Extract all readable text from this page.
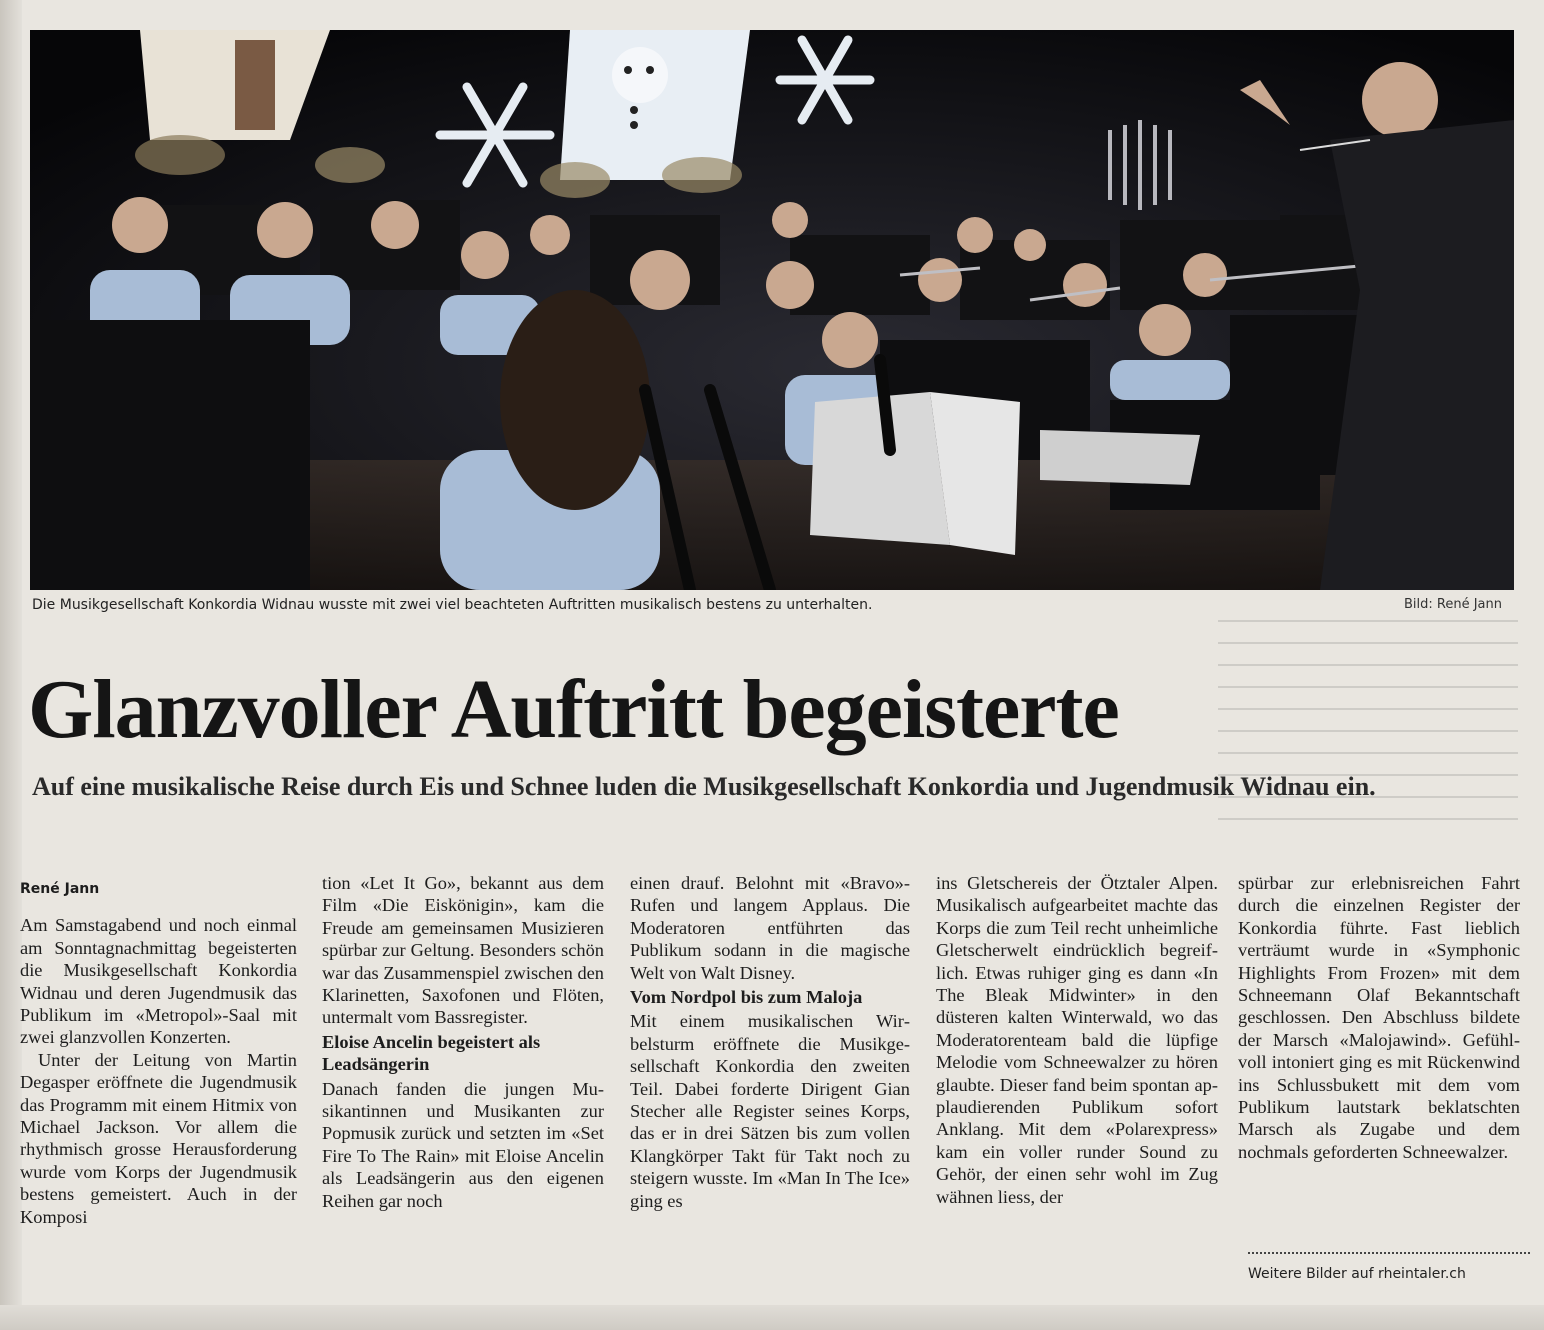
Die Musikgesellschaft Konkordia Widnau wusste mit zwei viel beachteten Auftritten musikalisch bestens zu unterhalten.	Bild: René Jann
Glanzvoller Auftritt begeisterte
Auf eine musikalische Reise durch Eis und Schnee luden die Musikgesellschaft Konkordia und Jugendmusik Widnau ein.

René Jann

Am Samstagabend und noch einmal am Sonntagnachmittag begeisterten die Musikgesellschaft Konkordia Widnau und deren Jugendmusik das Publikum im «Metropol»-Saal mit zwei glanzvollen Konzerten.

Unter der Leitung von Martin Degasper eröffnete die Jugendmusik das Programm mit einem Hitmix von Michael Jackson. Vor allem die rhythmisch grosse Herausforderung wurde vom Korps der Jugendmusik bestens gemeistert. Auch in der Komposi

tion «Let It Go», bekannt aus dem Film «Die Eiskönigin», kam die Freude am gemeinsamen Musizieren spürbar zur Geltung. Besonders schön war das Zusammenspiel zwischen den Klarinetten, Saxofonen und Flöten, untermalt vom Bassregister.

Eloise Ancelin begeistert als Leadsängerin

Danach fanden die jungen Musikantinnen und Musikanten zur Popmusik zurück und setzten im «Set Fire To The Rain» mit Eloise Ancelin als Leadsängerin aus den eigenen Reihen gar noch

einen drauf. Belohnt mit «Bravo»-Rufen und langem Applaus. Die Moderatoren entführten das Publikum sodann in die magische Welt von Walt Disney.

Vom Nordpol bis zum Maloja

Mit einem musikalischen Wirbelsturm eröffnete die Musikgesellschaft Konkordia den zweiten Teil. Dabei forderte Dirigent Gian Stecher alle Register seines Korps, das er in drei Sätzen bis zum vollen Klangkörper Takt für Takt noch zu steigern wusste. Im «Man In The Ice» ging es

ins Gletschereis der Ötztaler Alpen. Musikalisch aufgearbeitet machte das Korps die zum Teil recht unheimliche Gletscherwelt eindrücklich begreiflich. Etwas ruhiger ging es dann «In The Bleak Midwinter» in den düsteren kalten Winterwald, wo das Moderatorenteam bald die lüpfige Melodie vom Schneewalzer zu hören glaubte. Dieser fand beim spontan applaudierenden Publikum sofort Anklang. Mit dem «Polarexpress» kam ein voller runder Sound zu Gehör, der einen sehr wohl im Zug wähnen liess, der

spürbar zur erlebnisreichen Fahrt durch die einzelnen Register der Konkordia führte. Fast lieblich verträumt wurde in «Symphonic Highlights From Frozen» mit dem Schneemann Olaf Bekanntschaft geschlossen. Den Abschluss bildete der Marsch «Malojawind». Gefühlvoll intoniert ging es mit Rückenwind ins Schlussbukett mit dem vom Publikum lautstark beklatschten Marsch als Zugabe und dem nochmals geforderten Schneewalzer.

Weitere Bilder auf rheintaler.ch
